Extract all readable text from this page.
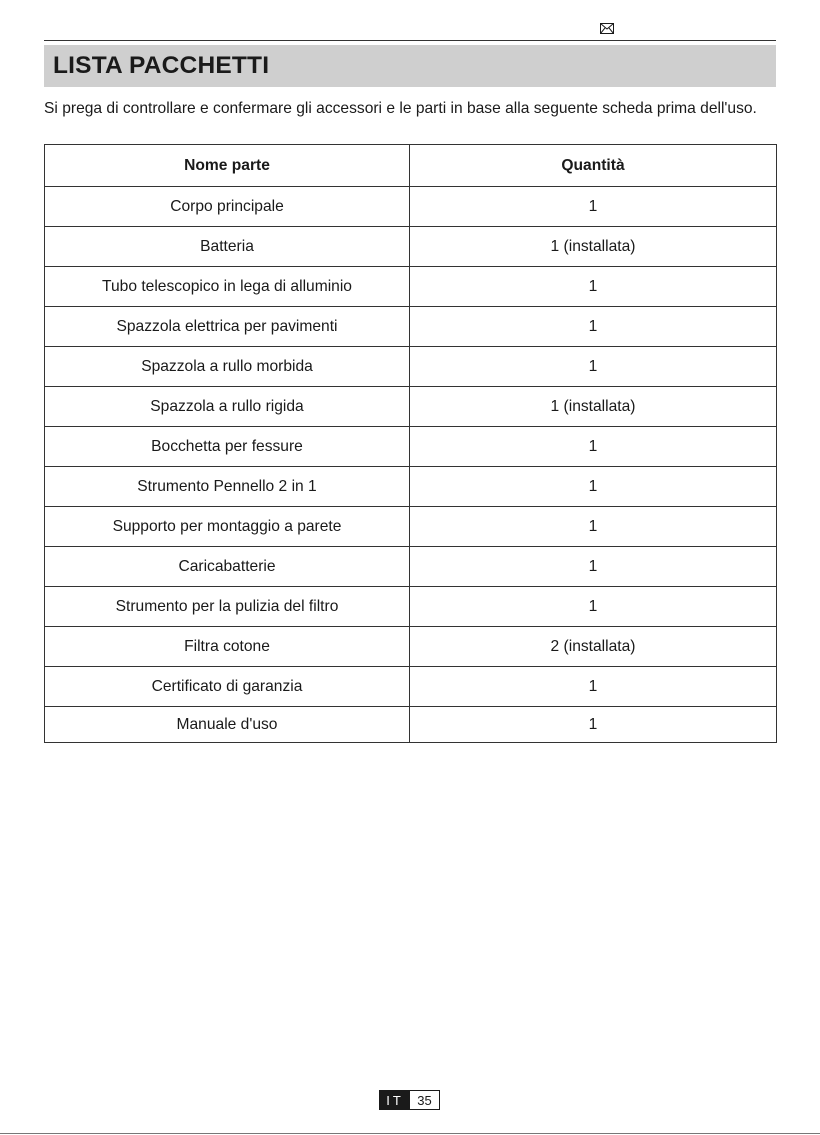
LISTA PACCHETTI

Si prega di controllare e confermare gli accessori e le parti in base alla seguente scheda prima dell'uso.

Nome parte	Quantità
Corpo principale	1
Batteria	1 (installata)
Tubo telescopico in lega di alluminio	1
Spazzola elettrica per pavimenti	1
Spazzola a rullo morbida	1
Spazzola a rullo rigida	1 (installata)
Bocchetta per fessure	1
Strumento Pennello 2 in 1	1
Supporto per montaggio a parete	1
Caricabatterie	1
Strumento per la pulizia del filtro	1
Filtra cotone	2 (installata)
Certificato di garanzia	1
Manuale d'uso	1
IT	35
